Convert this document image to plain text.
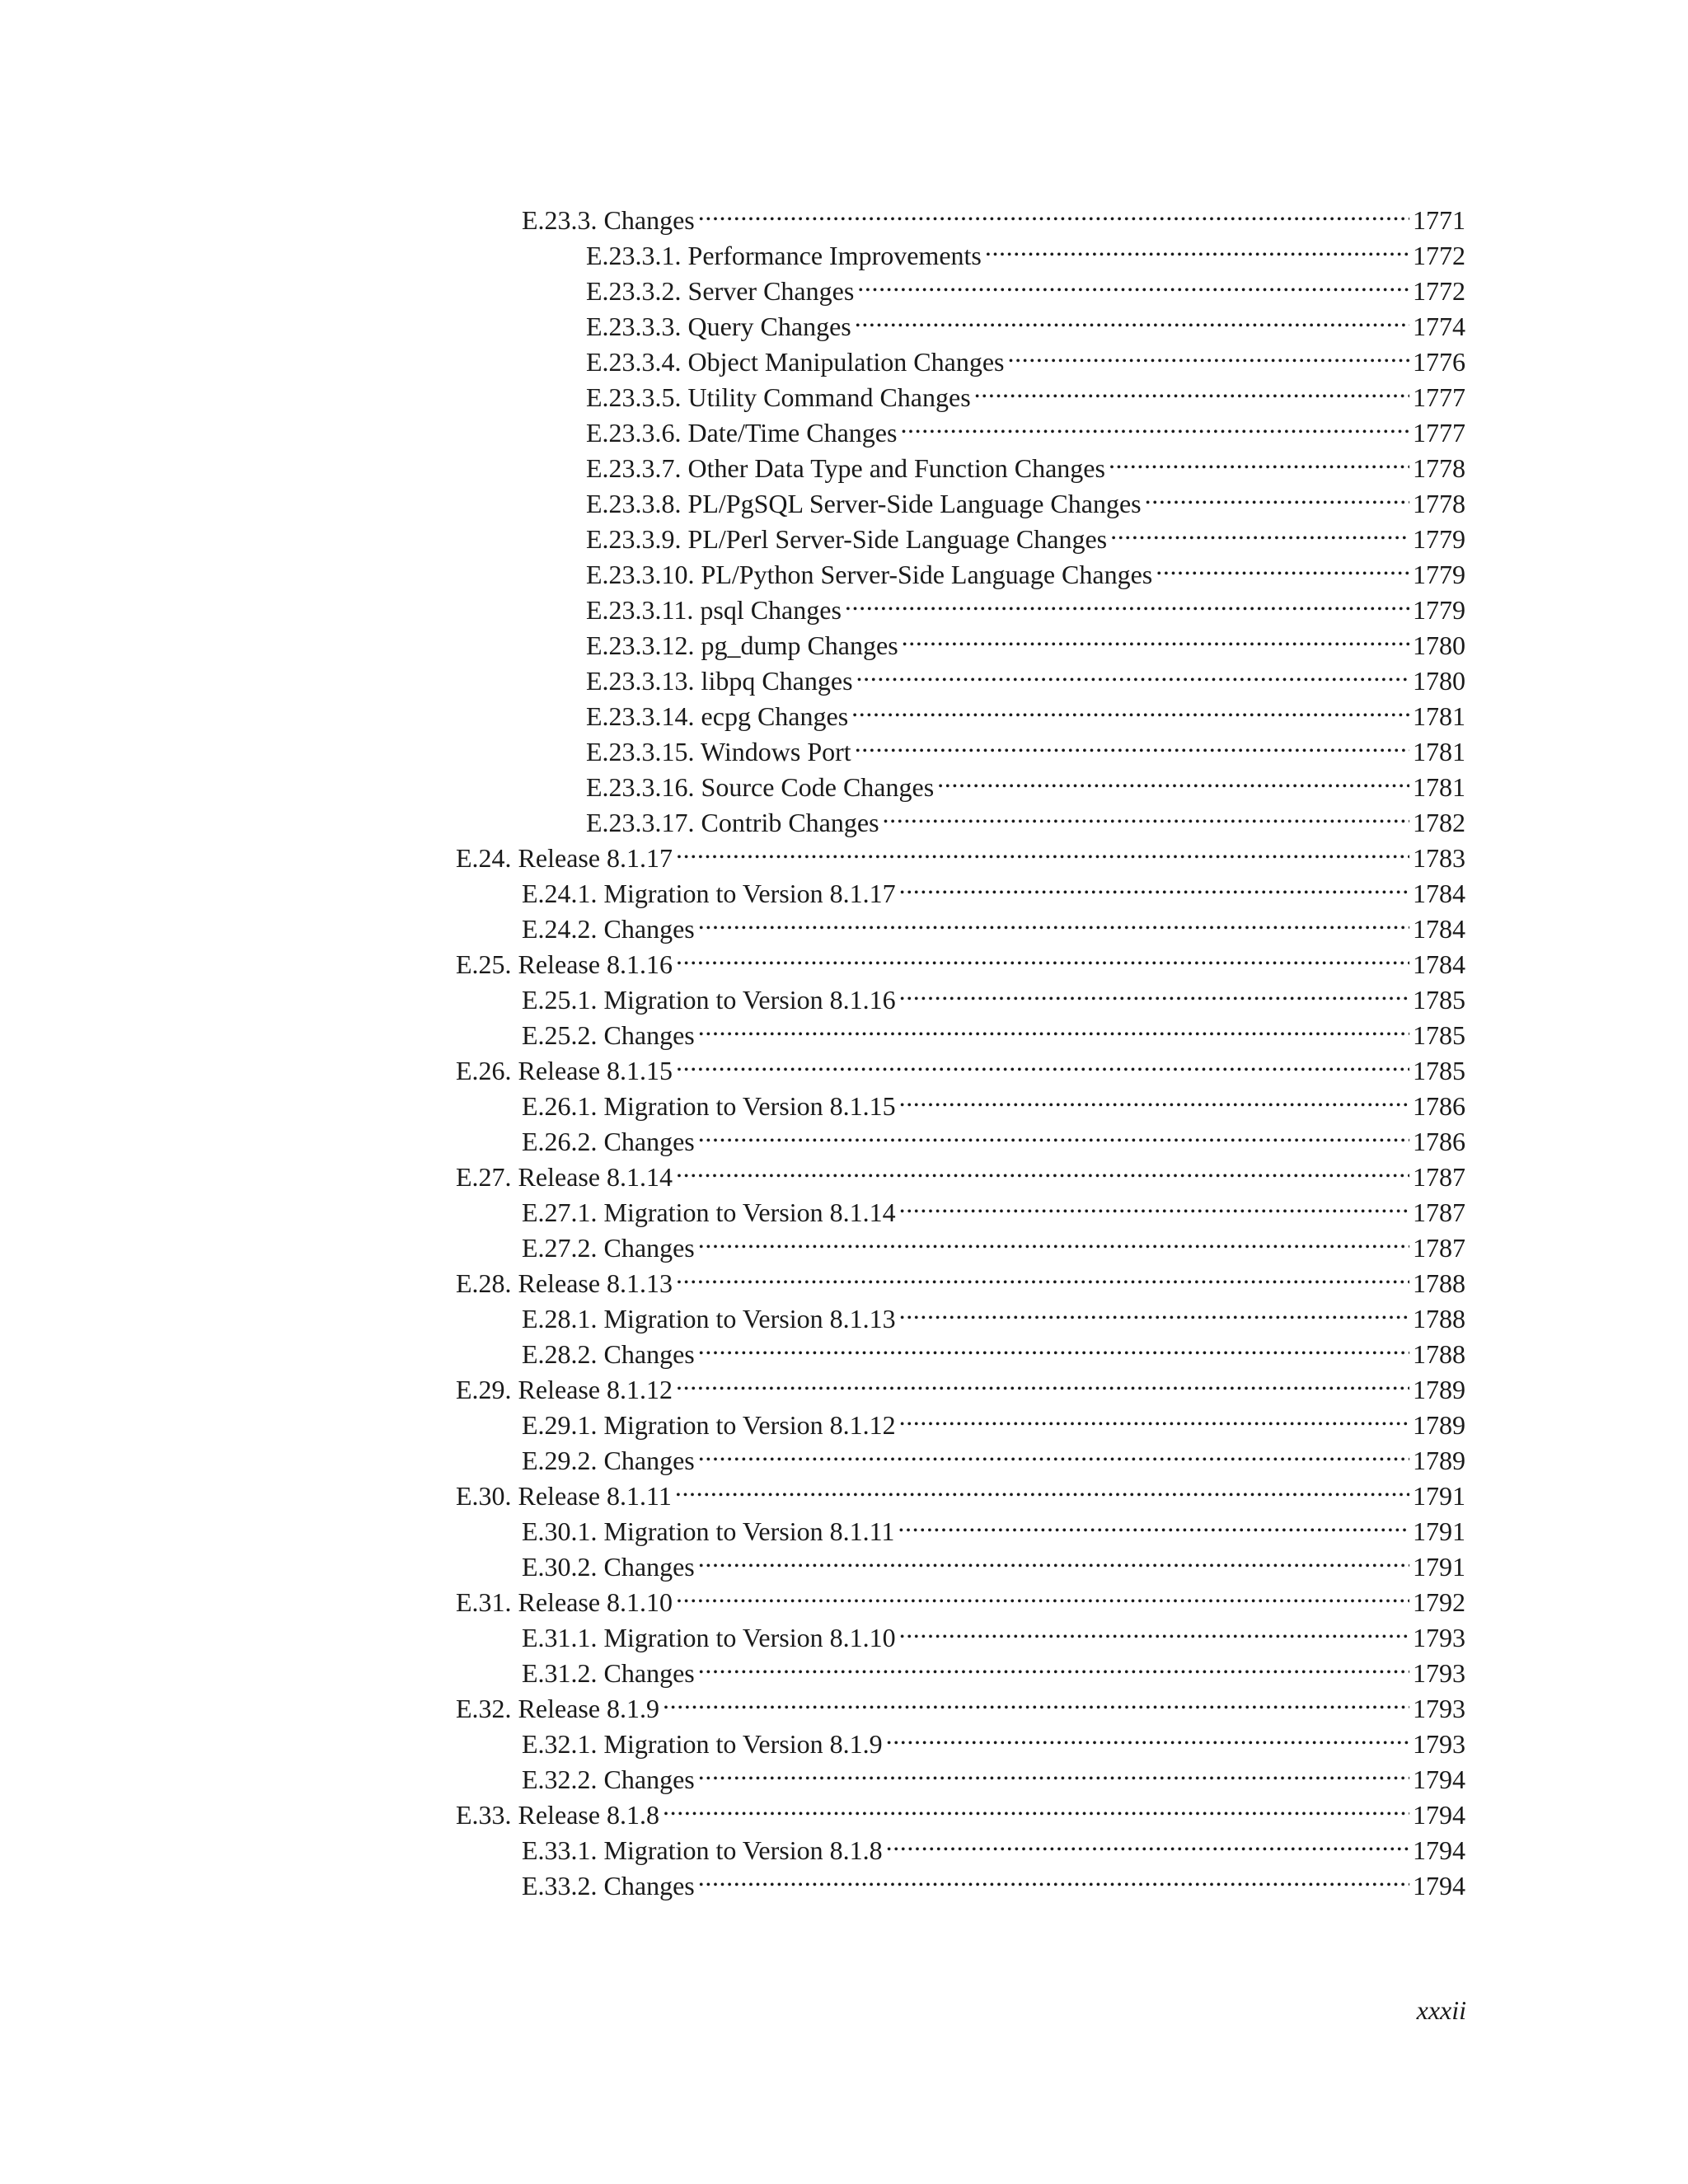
E.23.3. Changes . . .	1771
E.23.3.1. Performance Improvements . . .	1772
E.23.3.2. Server Changes . . .	1772
E.23.3.3. Query Changes . . .	1774
E.23.3.4. Object Manipulation Changes . . .	1776
E.23.3.5. Utility Command Changes . . .	1777
E.23.3.6. Date/Time Changes . . .	1777
E.23.3.7. Other Data Type and Function Changes . . .	1778
E.23.3.8. PL/PgSQL Server-Side Language Changes . . .	1778
E.23.3.9. PL/Perl Server-Side Language Changes . . .	1779
E.23.3.10. PL/Python Server-Side Language Changes . . .	1779
E.23.3.11. psql Changes . . .	1779
E.23.3.12. pg_dump Changes . . .	1780
E.23.3.13. libpq Changes . . .	1780
E.23.3.14. ecpg Changes . . .	1781
E.23.3.15. Windows Port . . .	1781
E.23.3.16. Source Code Changes . . .	1781
E.23.3.17. Contrib Changes . . .	1782
E.24. Release 8.1.17 . . .	1783
E.24.1. Migration to Version 8.1.17 . . .	1784
E.24.2. Changes . . .	1784
E.25. Release 8.1.16 . . .	1784
E.25.1. Migration to Version 8.1.16 . . .	1785
E.25.2. Changes . . .	1785
E.26. Release 8.1.15 . . .	1785
E.26.1. Migration to Version 8.1.15 . . .	1786
E.26.2. Changes . . .	1786
E.27. Release 8.1.14 . . .	1787
E.27.1. Migration to Version 8.1.14 . . .	1787
E.27.2. Changes . . .	1787
E.28. Release 8.1.13 . . .	1788
E.28.1. Migration to Version 8.1.13 . . .	1788
E.28.2. Changes . . .	1788
E.29. Release 8.1.12 . . .	1789
E.29.1. Migration to Version 8.1.12 . . .	1789
E.29.2. Changes . . .	1789
E.30. Release 8.1.11 . . .	1791
E.30.1. Migration to Version 8.1.11 . . .	1791
E.30.2. Changes . . .	1791
E.31. Release 8.1.10 . . .	1792
E.31.1. Migration to Version 8.1.10 . . .	1793
E.31.2. Changes . . .	1793
E.32. Release 8.1.9 . . .	1793
E.32.1. Migration to Version 8.1.9 . . .	1793
E.32.2. Changes . . .	1794
E.33. Release 8.1.8 . . .	1794
E.33.1. Migration to Version 8.1.8 . . .	1794
E.33.2. Changes . . .	1794
xxxii
